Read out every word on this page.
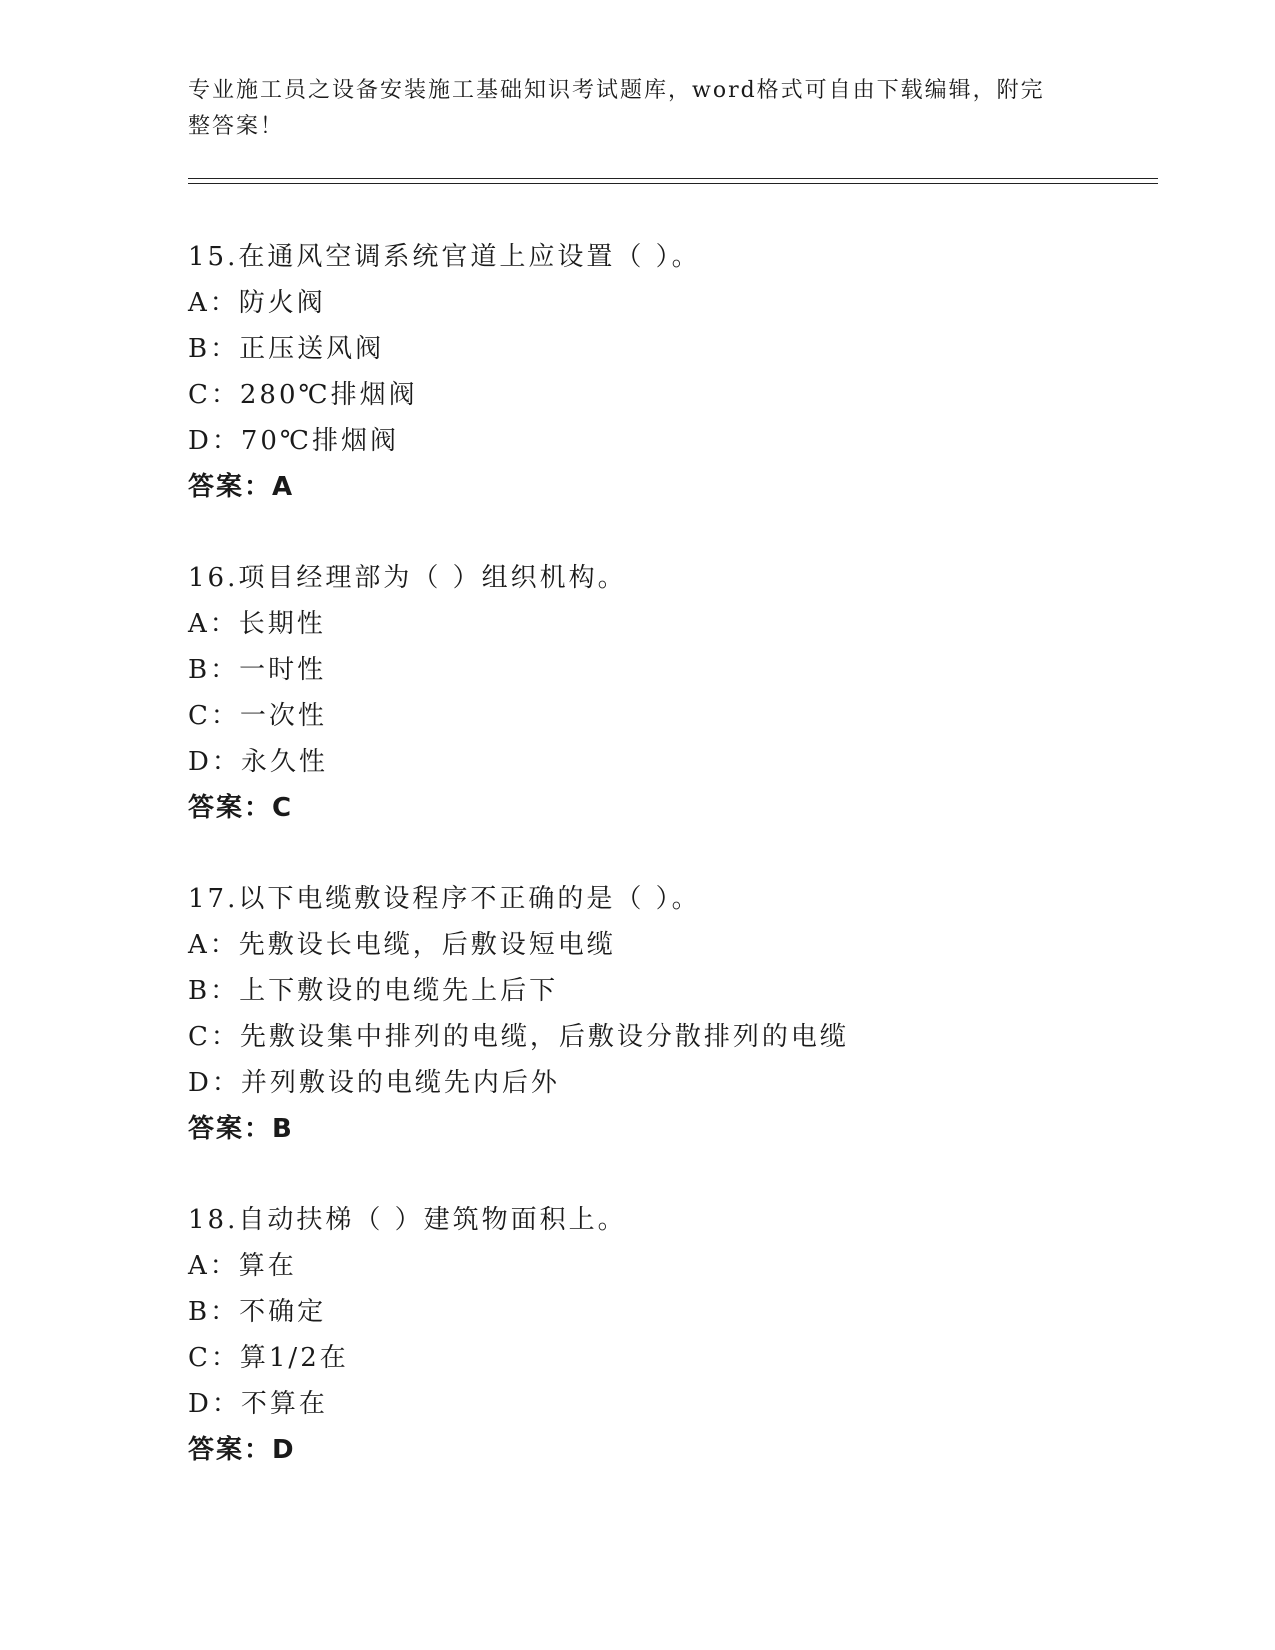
专业施工员之设备安装施工基础知识考试题库，word格式可自由下载编辑，附完整答案！
15.在通风空调系统官道上应设置（ ）。
A：防火阀
B：正压送风阀
C：280℃排烟阀
D：70℃排烟阀
答案：A
16.项目经理部为（ ）组织机构。
A：长期性
B：一时性
C：一次性
D：永久性
答案：C
17.以下电缆敷设程序不正确的是（ ）。
A：先敷设长电缆，后敷设短电缆
B：上下敷设的电缆先上后下
C：先敷设集中排列的电缆，后敷设分散排列的电缆
D：并列敷设的电缆先内后外
答案：B
18.自动扶梯（ ）建筑物面积上。
A：算在
B：不确定
C：算1/2在
D：不算在
答案：D
